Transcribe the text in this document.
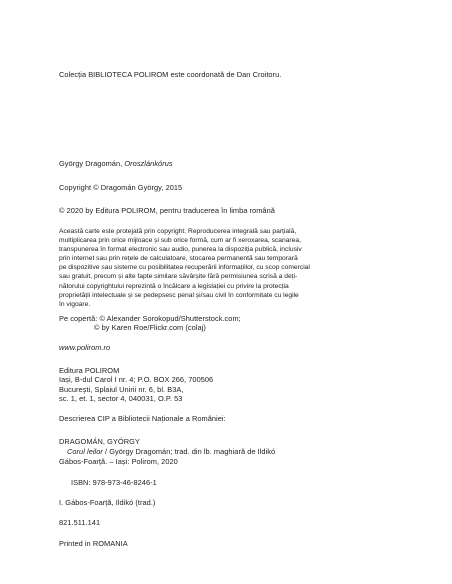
Colecția BIBLIOTECA POLIROM este coordonată de Dan Croitoru.
György Dragomán, Oroszlánkórus
Copyright © Dragomán György, 2015
© 2020 by Editura POLIROM, pentru traducerea în limba română
Această carte este protejată prin copyright. Reproducerea integrală sau parțială,
multiplicarea prin orice mijloace și sub orice formă, cum ar fi xeroxarea, scanarea,
transpunerea în format electronic sau audio, punerea la dispoziția publică, inclusiv
prin internet sau prin rețele de calculatoare, stocarea permanentă sau temporară
pe dispozitive sau sisteme cu posibilitatea recuperării informațiilor, cu scop comercial
sau gratuit, precum și alte fapte similare săvârșite fără permisiunea scrisă a deți-
nătorului copyrightului reprezintă o încălcare a legislației cu privire la protecția
proprietății intelectuale și se pedepsesc penal și/sau civil în conformitate cu legile
în vigoare.
Pe copertă: © Alexander Sorokopud/Shutterstock.com;
© by Karen Roe/Flickr.com (colaj)
www.polirom.ro
Editura POLIROM
Iași, B-dul Carol I nr. 4; P.O. BOX 266, 700506
București, Splaiul Unirii nr. 6, bl. B3A,
sc. 1, et. 1, sector 4, 040031, O.P. 53
Descrierea CIP a Bibliotecii Naționale a României:
DRAGOMÁN, GYÖRGY
Corul leilor / György Dragomán; trad. din lb. maghiară de Ildikó
Gábos-Foarță. – Iași: Polirom, 2020
ISBN: 978-973-46-8246-1
I. Gábos-Foarță, Ildikó (trad.)
821.511.141
Printed in ROMANIA
